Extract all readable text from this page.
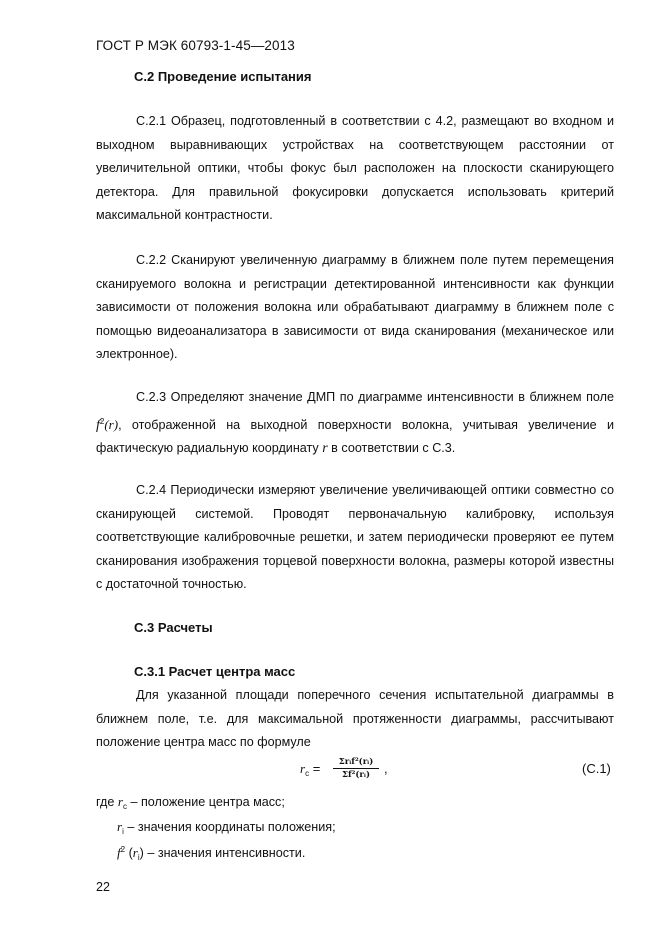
ГОСТ Р МЭК 60793-1-45—2013
С.2 Проведение испытания

С.2.1 Образец, подготовленный в соответствии с 4.2, размещают во входном и выходном выравнивающих устройствах на соответствующем расстоянии от увеличительной оптики, чтобы фокус был расположен на плоскости сканирующего детектора. Для правильной фокусировки допускается использовать критерий максимальной контрастности.

С.2.2 Сканируют увеличенную диаграмму в ближнем поле путем перемещения сканируемого волокна и регистрации детектированной интенсивности как функции зависимости от положения волокна или обрабатывают диаграмму в ближнем поле с помощью видеоанализатора в зависимости от вида сканирования (механическое или электронное).

С.2.3 Определяют значение ДМП по диаграмме интенсивности в ближнем поле $f^2(r)$, отображенной на выходной поверхности волокна, учитывая увеличение и фактическую радиальную координату r в соответствии с С.3.

С.2.4 Периодически измеряют увеличение увеличивающей оптики совместно со сканирующей системой. Проводят первоначальную калибровку, используя соответствующие калибровочные решетки, и затем периодически проверяют ее путем сканирования изображения торцевой поверхности волокна, размеры которой известны с достаточной точностью.

С.3 Расчеты
С.3.1 Расчет центра масс

Для указанной площади поперечного сечения испытательной диаграммы в ближнем поле, т.е. для максимальной протяженности диаграммы, рассчитывают положение центра масс по формуле

$r_c$ =	Σrᵢf²(rᵢ)
Σf²(rᵢ)	,	(С.1)
где $r_c$ – положение центра масс;
$r_i$ – значения координаты положения;
$f^2$ $(r_i)$ – значения интенсивности.
22
